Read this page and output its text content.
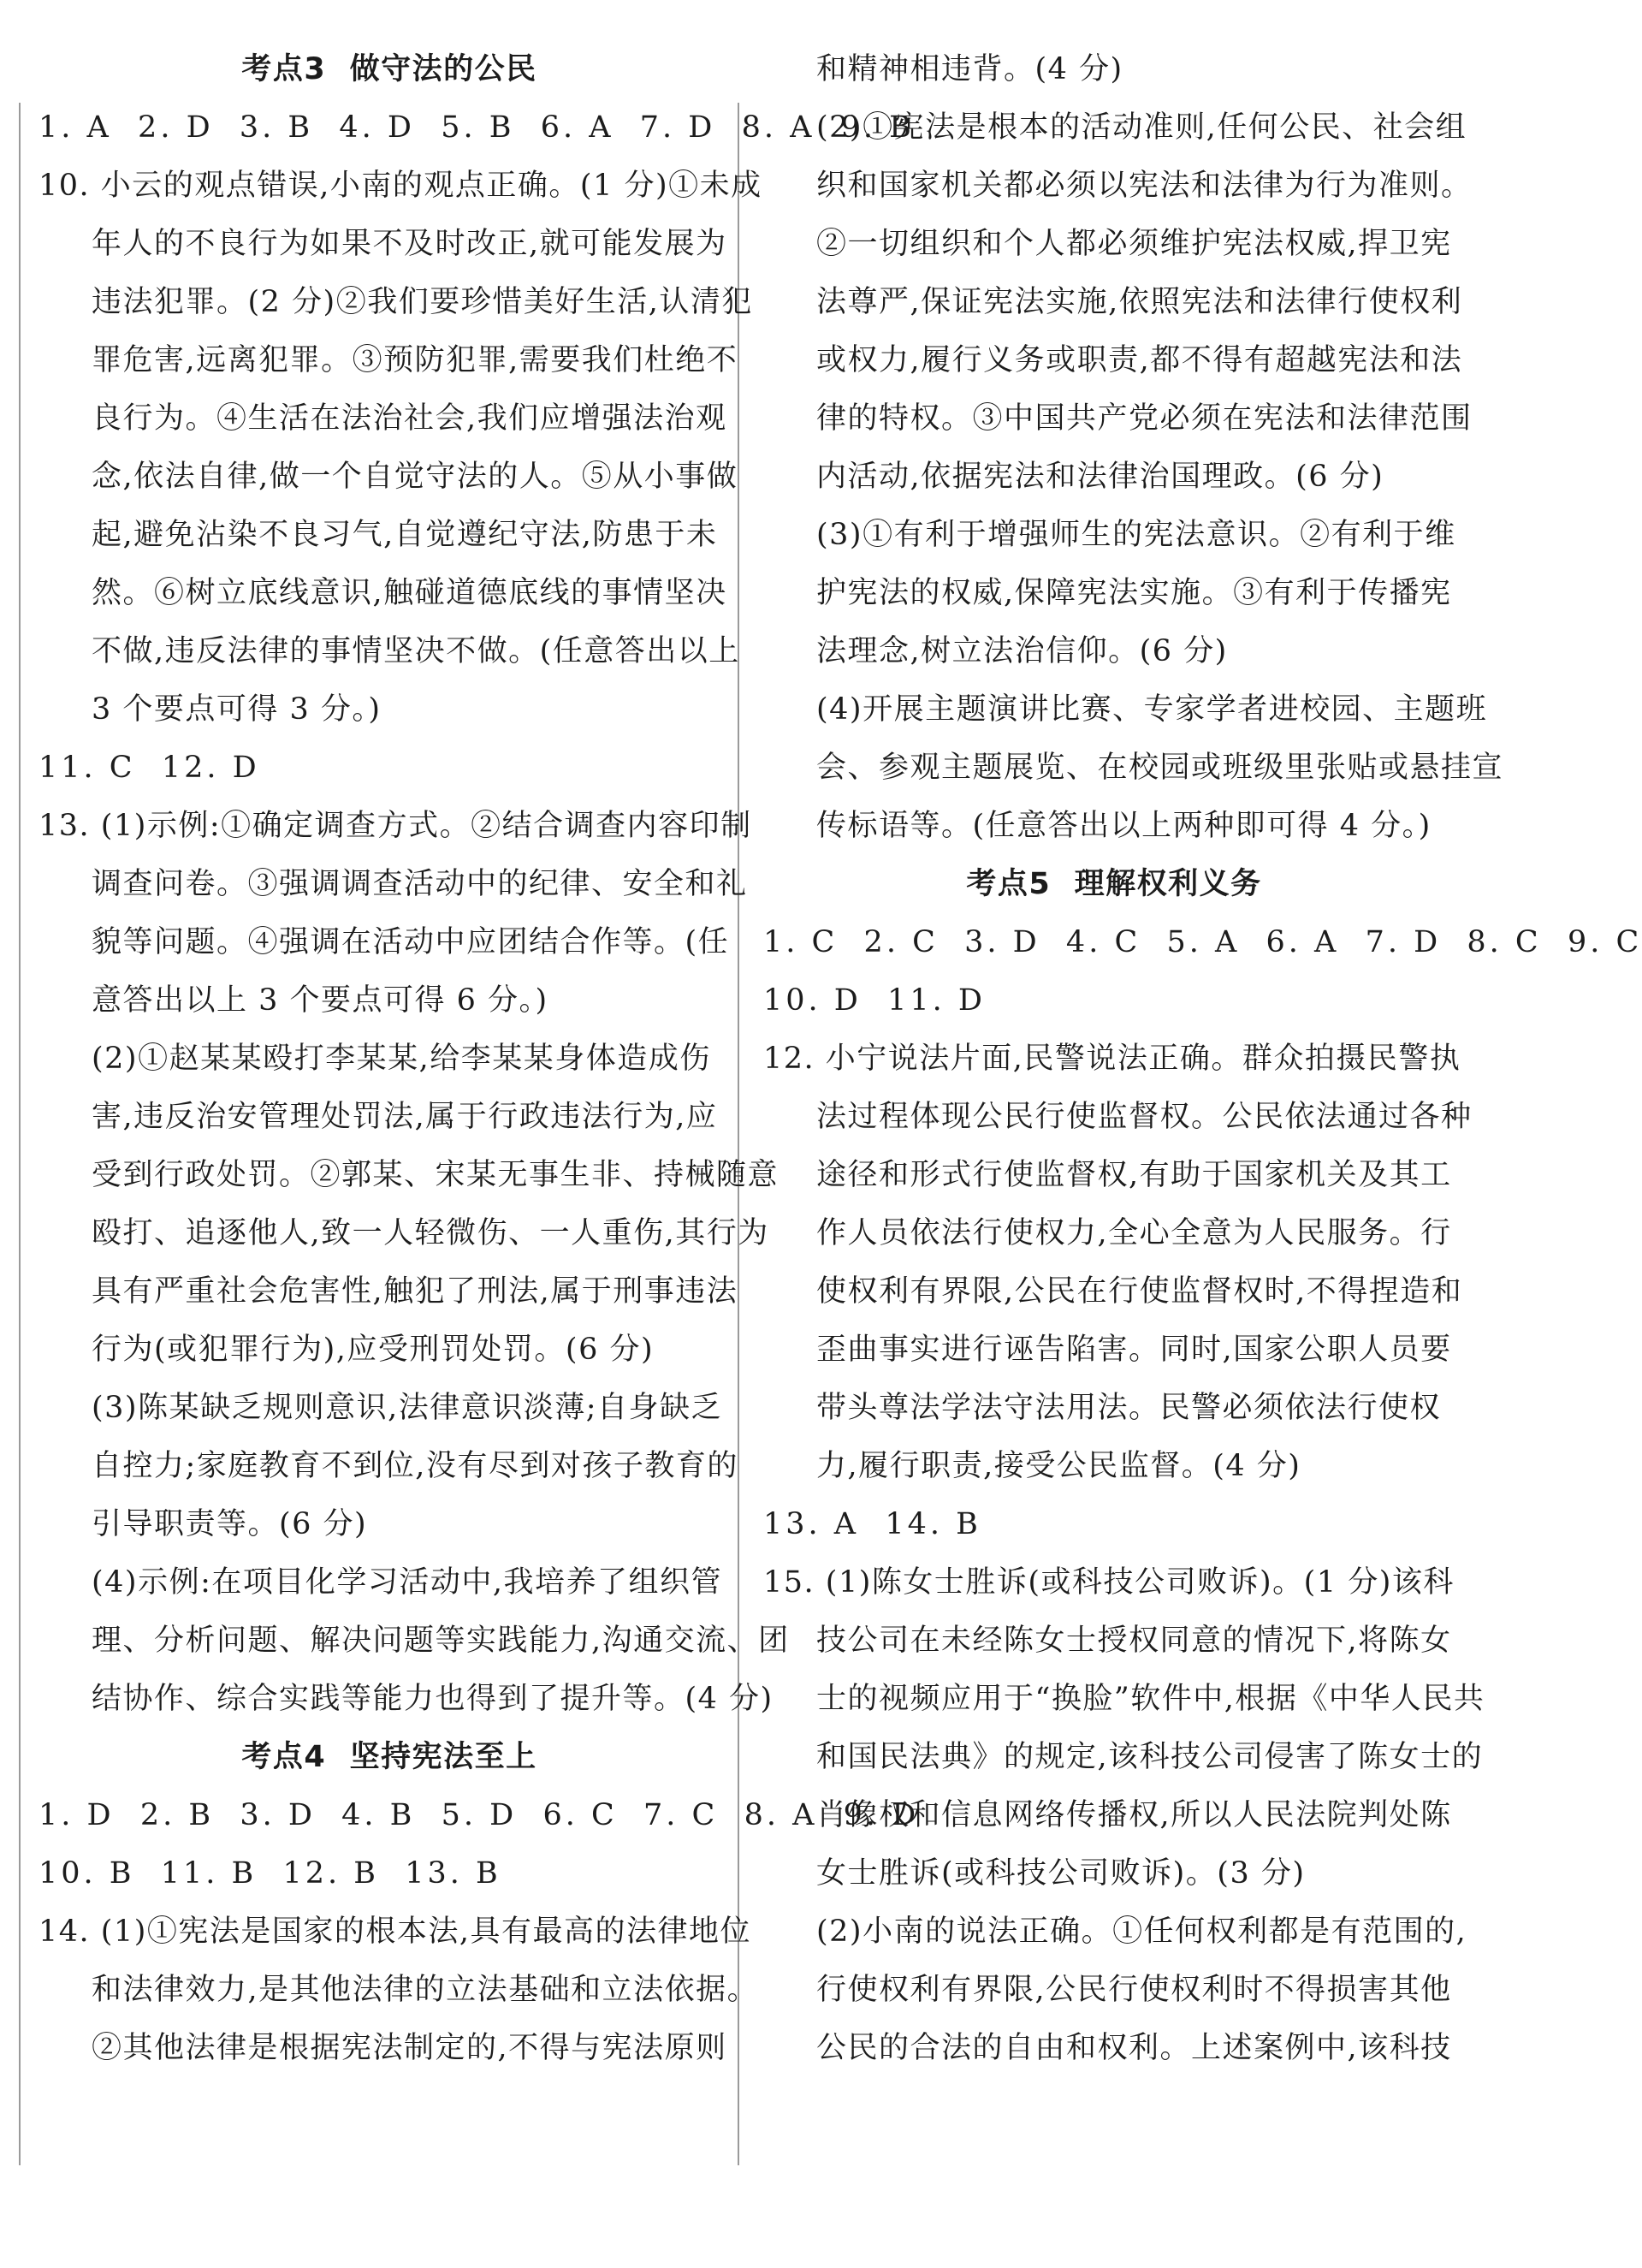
考点3  做守法的公民
1. A  2. D  3. B  4. D  5. B  6. A  7. D  8. A  9. B
10. 小云的观点错误,小南的观点正确。(1 分)①未成
年人的不良行为如果不及时改正,就可能发展为
违法犯罪。(2 分)②我们要珍惜美好生活,认清犯
罪危害,远离犯罪。③预防犯罪,需要我们杜绝不
良行为。④生活在法治社会,我们应增强法治观
念,依法自律,做一个自觉守法的人。⑤从小事做
起,避免沾染不良习气,自觉遵纪守法,防患于未
然。⑥树立底线意识,触碰道德底线的事情坚决
不做,违反法律的事情坚决不做。(任意答出以上
3 个要点可得 3 分。)
11. C  12. D
13. (1)示例:①确定调查方式。②结合调查内容印制
调查问卷。③强调调查活动中的纪律、安全和礼
貌等问题。④强调在活动中应团结合作等。(任
意答出以上 3 个要点可得 6 分。)
(2)①赵某某殴打李某某,给李某某身体造成伤
害,违反治安管理处罚法,属于行政违法行为,应
受到行政处罚。②郭某、宋某无事生非、持械随意
殴打、追逐他人,致一人轻微伤、一人重伤,其行为
具有严重社会危害性,触犯了刑法,属于刑事违法
行为(或犯罪行为),应受刑罚处罚。(6 分)
(3)陈某缺乏规则意识,法律意识淡薄;自身缺乏
自控力;家庭教育不到位,没有尽到对孩子教育的
引导职责等。(6 分)
(4)示例:在项目化学习活动中,我培养了组织管
理、分析问题、解决问题等实践能力,沟通交流、团
结协作、综合实践等能力也得到了提升等。(4 分)
考点4  坚持宪法至上
1. D  2. B  3. D  4. B  5. D  6. C  7. C  8. A  9. D
10. B  11. B  12. B  13. B
14. (1)①宪法是国家的根本法,具有最高的法律地位
和法律效力,是其他法律的立法基础和立法依据。
②其他法律是根据宪法制定的,不得与宪法原则
和精神相违背。(4 分)
(2)①宪法是根本的活动准则,任何公民、社会组
织和国家机关都必须以宪法和法律为行为准则。
②一切组织和个人都必须维护宪法权威,捍卫宪
法尊严,保证宪法实施,依照宪法和法律行使权利
或权力,履行义务或职责,都不得有超越宪法和法
律的特权。③中国共产党必须在宪法和法律范围
内活动,依据宪法和法律治国理政。(6 分)
(3)①有利于增强师生的宪法意识。②有利于维
护宪法的权威,保障宪法实施。③有利于传播宪
法理念,树立法治信仰。(6 分)
(4)开展主题演讲比赛、专家学者进校园、主题班
会、参观主题展览、在校园或班级里张贴或悬挂宣
传标语等。(任意答出以上两种即可得 4 分。)
考点5  理解权利义务
1. C  2. C  3. D  4. C  5. A  6. A  7. D  8. C  9. C
10. D  11. D
12. 小宁说法片面,民警说法正确。群众拍摄民警执
法过程体现公民行使监督权。公民依法通过各种
途径和形式行使监督权,有助于国家机关及其工
作人员依法行使权力,全心全意为人民服务。行
使权利有界限,公民在行使监督权时,不得捏造和
歪曲事实进行诬告陷害。同时,国家公职人员要
带头尊法学法守法用法。民警必须依法行使权
力,履行职责,接受公民监督。(4 分)
13. A  14. B
15. (1)陈女士胜诉(或科技公司败诉)。(1 分)该科
技公司在未经陈女士授权同意的情况下,将陈女
士的视频应用于“换脸”软件中,根据《中华人民共
和国民法典》的规定,该科技公司侵害了陈女士的
肖像权和信息网络传播权,所以人民法院判处陈
女士胜诉(或科技公司败诉)。(3 分)
(2)小南的说法正确。①任何权利都是有范围的,
行使权利有界限,公民行使权利时不得损害其他
公民的合法的自由和权利。上述案例中,该科技
